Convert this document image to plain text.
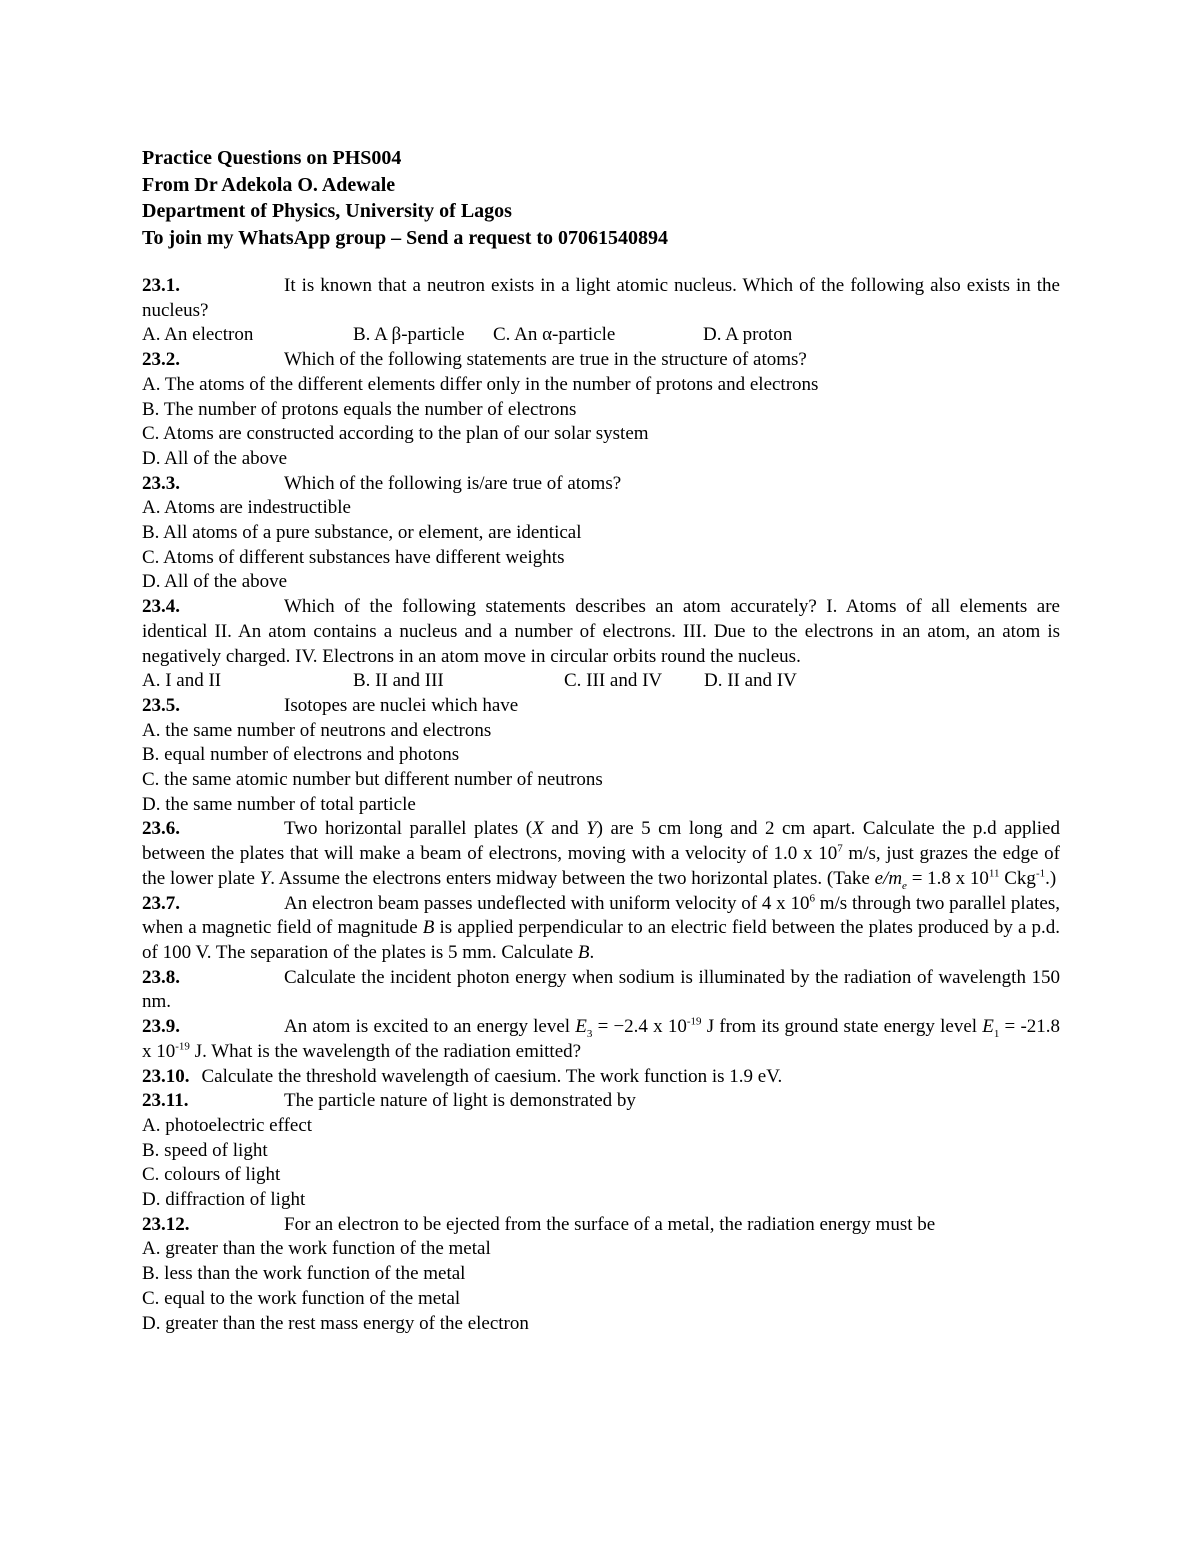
Practice Questions on PHS004
From Dr Adekola O. Adewale
Department of Physics, University of Lagos
To join my WhatsApp group – Send a request to 07061540894
23.1.	It is known that a neutron exists in a light atomic nucleus. Which of the following also exists in the nucleus?
A. An electron	B. A β-particle C. An α-particle	D. A proton
23.2.	Which of the following statements are true in the structure of atoms?
A. The atoms of the different elements differ only in the number of protons and electrons
B. The number of protons equals the number of electrons
C. Atoms are constructed according to the plan of our solar system
D. All of the above
23.3.	Which of the following is/are true of atoms?
A. Atoms are indestructible
B. All atoms of a pure substance, or element, are identical
C. Atoms of different substances have different weights
D. All of the above
23.4.	Which of the following statements describes an atom accurately? I. Atoms of all elements are identical II. An atom contains a nucleus and a number of electrons. III. Due to the electrons in an atom, an atom is negatively charged. IV. Electrons in an atom move in circular orbits round the nucleus.
A. I and II	B. II and III	C. III and IV D. II and IV
23.5.	Isotopes are nuclei which have
A. the same number of neutrons and electrons
B. equal number of electrons and photons
C. the same atomic number but different number of neutrons
D. the same number of total particle
23.6.	Two horizontal parallel plates (X and Y) are 5 cm long and 2 cm apart. Calculate the p.d applied between the plates that will make a beam of electrons, moving with a velocity of 1.0 x $10^7$ m/s, just grazes the edge of the lower plate Y. Assume the electrons enters midway between the two horizontal plates. (Take $e/m_e = 1.8$ x $10^{11}$ Ckg$^{-1}$.)
23.7.	An electron beam passes undeflected with uniform velocity of 4 x $10^6$ m/s through two parallel plates, when a magnetic field of magnitude B is applied perpendicular to an electric field between the plates produced by a p.d. of 100 V. The separation of the plates is 5 mm. Calculate B.
23.8.	Calculate the incident photon energy when sodium is illuminated by the radiation of wavelength 150 nm.
23.9.	An atom is excited to an energy level $E_3 = -2.4$ x $10^{-19}$ J from its ground state energy level $E_1 = -21.8$ x $10^{-19}$ J. What is the wavelength of the radiation emitted?
23.10. Calculate the threshold wavelength of caesium. The work function is 1.9 eV.
23.11.	The particle nature of light is demonstrated by
A. photoelectric effect
B. speed of light
C. colours of light
D. diffraction of light
23.12.	For an electron to be ejected from the surface of a metal, the radiation energy must be
A. greater than the work function of the metal
B. less than the work function of the metal
C. equal to the work function of the metal
D. greater than the rest mass energy of the electron
